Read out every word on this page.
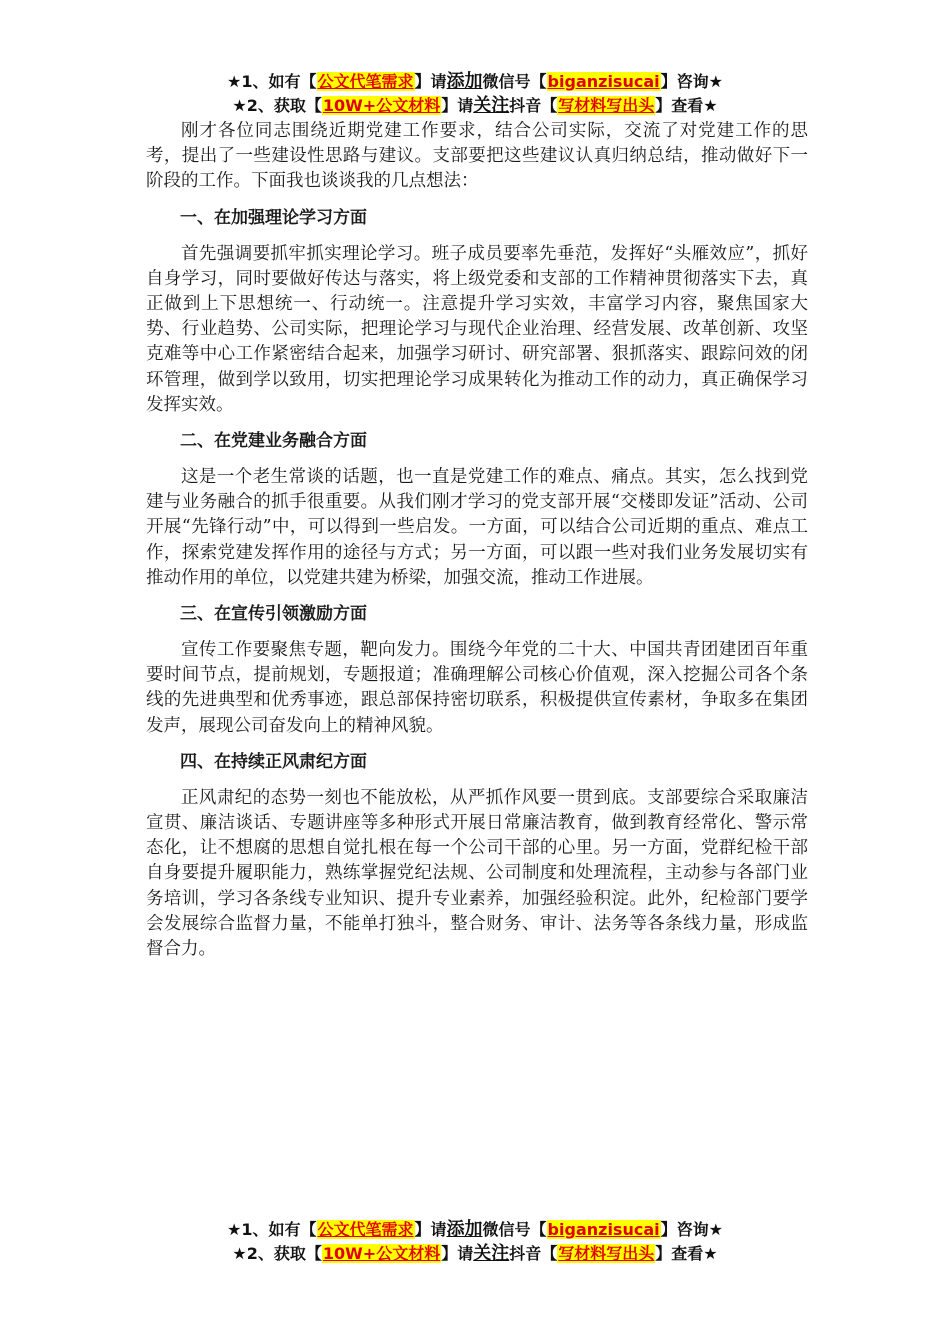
★1、如有【公文代笔需求】请添加微信号【biganzisucai】咨询★
★2、获取【10W+公文材料】请关注抖音【写材料写出头】查看★

刚才各位同志围绕近期党建工作要求，结合公司实际，交流了对党建工作的思考，提出了一些建设性思路与建议。支部要把这些建议认真归纳总结，推动做好下一阶段的工作。下面我也谈谈我的几点想法：

一、在加强理论学习方面

首先强调要抓牢抓实理论学习。班子成员要率先垂范，发挥好“头雁效应”，抓好自身学习，同时要做好传达与落实，将上级党委和支部的工作精神贯彻落实下去，真正做到上下思想统一、行动统一。注意提升学习实效，丰富学习内容，聚焦国家大势、行业趋势、公司实际，把理论学习与现代企业治理、经营发展、改革创新、攻坚克难等中心工作紧密结合起来，加强学习研讨、研究部署、狠抓落实、跟踪问效的闭环管理，做到学以致用，切实把理论学习成果转化为推动工作的动力，真正确保学习发挥实效。

二、在党建业务融合方面

这是一个老生常谈的话题，也一直是党建工作的难点、痛点。其实，怎么找到党建与业务融合的抓手很重要。从我们刚才学习的党支部开展“交楼即发证”活动、公司开展“先锋行动”中，可以得到一些启发。一方面，可以结合公司近期的重点、难点工作，探索党建发挥作用的途径与方式；另一方面，可以跟一些对我们业务发展切实有推动作用的单位，以党建共建为桥梁，加强交流，推动工作进展。

三、在宣传引领激励方面

宣传工作要聚焦专题，靶向发力。围绕今年党的二十大、中国共青团建团百年重要时间节点，提前规划，专题报道；准确理解公司核心价值观，深入挖掘公司各个条线的先进典型和优秀事迹，跟总部保持密切联系，积极提供宣传素材，争取多在集团发声，展现公司奋发向上的精神风貌。

四、在持续正风肃纪方面

正风肃纪的态势一刻也不能放松，从严抓作风要一贯到底。支部要综合采取廉洁宣贯、廉洁谈话、专题讲座等多种形式开展日常廉洁教育，做到教育经常化、警示常态化，让不想腐的思想自觉扎根在每一个公司干部的心里。另一方面，党群纪检干部自身要提升履职能力，熟练掌握党纪法规、公司制度和处理流程，主动参与各部门业务培训，学习各条线专业知识、提升专业素养，加强经验积淀。此外，纪检部门要学会发展综合监督力量，不能单打独斗，整合财务、审计、法务等各条线力量，形成监督合力。

★1、如有【公文代笔需求】请添加微信号【biganzisucai】咨询★
★2、获取【10W+公文材料】请关注抖音【写材料写出头】查看★
